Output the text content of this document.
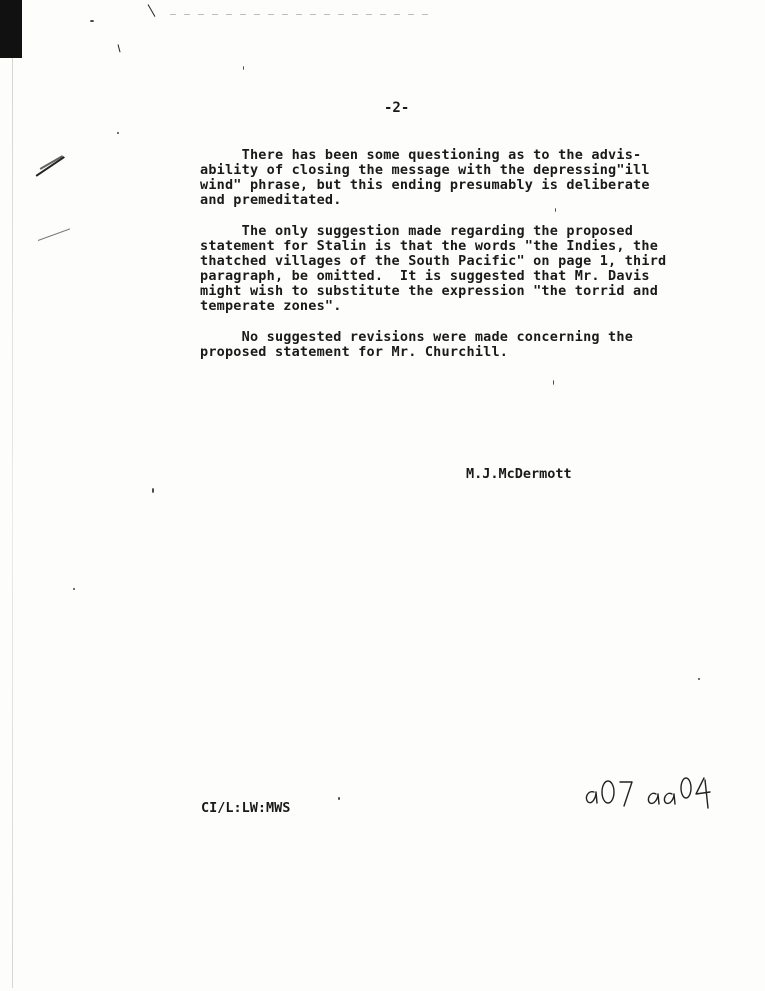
-2-

There has been some questioning as to the advis-
ability of closing the message with the depressing"ill
wind" phrase, but this ending presumably is deliberate
and premeditated.

The only suggestion made regarding the proposed
statement for Stalin is that the words "the Indies, the
thatched villages of the South Pacific" on page 1, third
paragraph, be omitted.  It is suggested that Mr. Davis
might wish to substitute the expression "the torrid and
temperate zones".

No suggested revisions were made concerning the
proposed statement for Mr. Churchill.

M.J.McDermott
CI/L:LW:MWS
